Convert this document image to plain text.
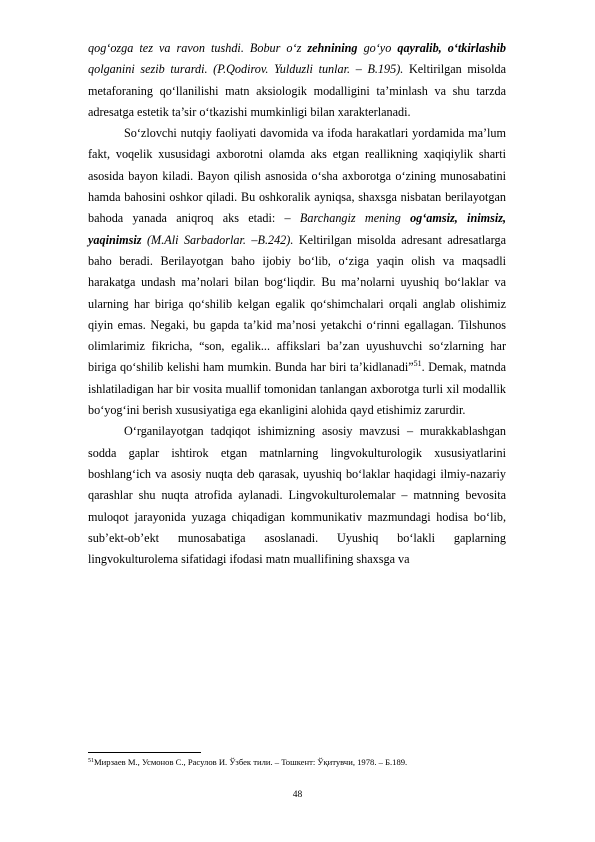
qog‘ozga tez va ravon tushdi. Bobur o‘z zehnining go‘yo qayralib, o‘tkirlashib qolganini sezib turardi. (P.Qodirov. Yulduzli tunlar. – B.195). Keltirilgan misolda metaforaning qo‘llanilishi matn aksiologik modalligini ta’minlash va shu tarzda adresatga estetik ta’sir o‘tkazishi mumkinligi bilan xarakterlanadi.

So‘zlovchi nutqiy faoliyati davomida va ifoda harakatlari yordamida ma’lum fakt, voqelik xususidagi axborotni olamda aks etgan reallikning xaqiqiylik sharti asosida bayon kiladi. Bayon qilish asnosida o‘sha axborotga o‘zining munosabatini hamda bahosini oshkor qiladi. Bu oshkoralik ayniqsa, shaxsga nisbatan berilayotgan bahoda yanada aniqroq aks etadi: – Barchangiz mening og‘amsiz, inimsiz, yaqinimsiz (M.Ali Sarbadorlar. –B.242). Keltirilgan misolda adresant adresatlarga baho beradi. Berilayotgan baho ijobiy bo‘lib, o‘ziga yaqin olish va maqsadli harakatga undash ma’nolari bilan bog‘liqdir. Bu ma’nolarni uyushiq bo‘laklar va ularning har biriga qo‘shilib kelgan egalik qo‘shimchalari orqali anglab olishimiz qiyin emas. Negaki, bu gapda ta’kid ma’nosi yetakchi o‘rinni egallagan. Tilshunos olimlarimiz fikricha, “son, egalik... affikslari ba’zan uyushuvchi so‘zlarning har biriga qo‘shilib kelishi ham mumkin. Bunda har biri ta’kidlanadi”$^{51}$. Demak, matnda ishlatiladigan har bir vosita muallif tomonidan tanlangan axborotga turli xil modallik bo‘yog‘ini berish xususiyatiga ega ekanligini alohida qayd etishimiz zarurdir.

O‘rganilayotgan tadqiqot ishimizning asosiy mavzusi – murakkablashgan sodda gaplar ishtirok etgan matnlarning lingvokulturologik xususiyatlarini boshlang‘ich va asosiy nuqta deb qarasak, uyushiq bo‘laklar haqidagi ilmiy-nazariy qarashlar shu nuqta atrofida aylanadi. Lingvokulturolemalar – matnning bevosita muloqot jarayonida yuzaga chiqadigan kommunikativ mazmundagi hodisa bo‘lib, sub’ekt-ob’ekt munosabatiga asoslanadi. Uyushiq bo‘lakli gaplarning lingvokulturolema sifatidagi ifodasi matn muallifining shaxsga va

$^{51}$Мирзаев М., Усмонов С., Расулов И. Ўзбек тили. – Тошкент: Ўқитувчи, 1978. – Б.189.
48
